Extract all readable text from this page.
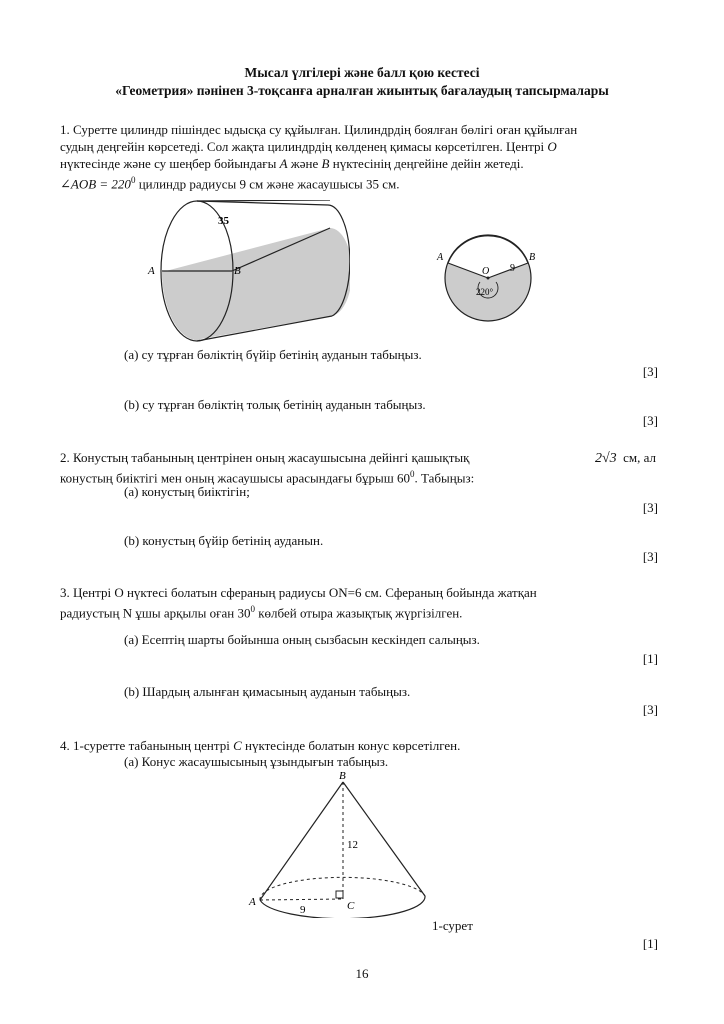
Мысал үлгілері және балл қою кестесі
«Геометрия» пәнінен 3-тоқсанға арналған жиынтық бағалаудың тапсырмалары
1. Суретте цилиндр пішіндес ыдысқа су құйылған. Цилиндрдің боялған бөлігі оған құйылған
судың деңгейін көрсетеді. Сол жақта цилиндрдің көлденең қимасы көрсетілген. Центрі O
нүктесінде және су шеңбер бойындағы A және B нүктесінің деңгейіне дейін жетеді.
∠AOB = $220^0$ цилиндр радиусы 9 см және жасаушысы 35 см.
35
A	B
A	B
O 9
220°
(a) су тұрған бөліктің бүйір бетінің ауданын табыңыз.
[3]
(b) су тұрған бөліктің толық бетінің ауданын табыңыз.
[3]
2. Конустың табанының центрінен оның жасаушысына дейінгі қашықтық	2√3 см, ал
конустың биіктігі мен оның жасаушысы арасындағы бұрыш $60^0$. Табыңыз:
(a) конустың биіктігін;
[3]
(b) конустың бүйір бетінің ауданын.
[3]
3. Центрі O нүктесі болатын сфераның радиусы ON=6 см. Сфераның бойында жатқан
радиустың N ұшы арқылы оған $30^0$ көлбей отыра жазықтық жүргізілген.
(a) Есептің шарты бойынша оның сызбасын кескіндеп салыңыз.
[1]
(b) Шардың алынған қимасының ауданын табыңыз.
[3]
4. 1-суретте табанының центрі C нүктесінде болатын конус көрсетілген.
(a) Конус жасаушысының ұзындығын табыңыз.
B
A	C
12
9
1-сурет
[1]
16
